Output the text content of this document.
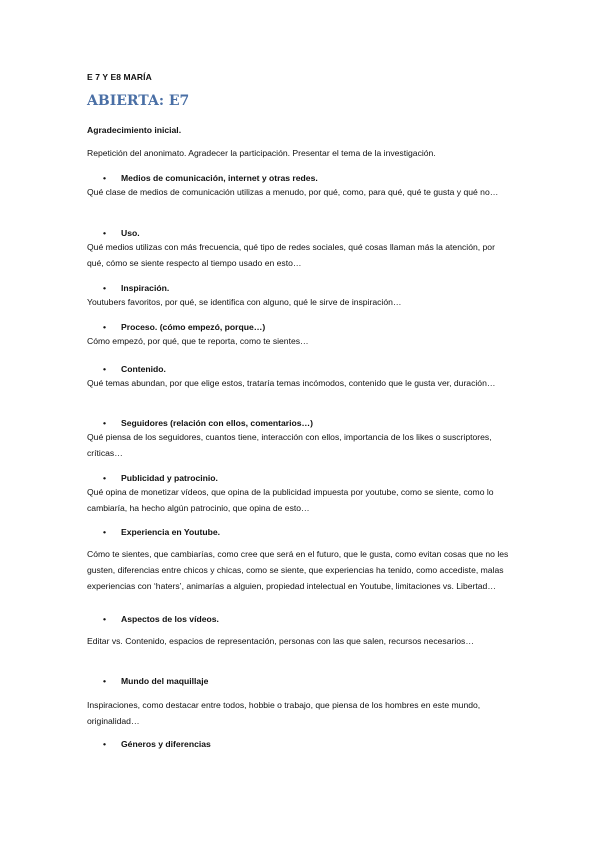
E 7 Y E8 MARÍA
ABIERTA: E7
Agradecimiento inicial.
Repetición del anonimato. Agradecer la participación. Presentar el tema de la investigación.
• Medios de comunicación, internet y otras redes.
Qué clase de medios de comunicación utilizas a menudo, por qué, como, para qué, qué te gusta y qué no…
• Uso.
Qué medios utilizas con más frecuencia, qué tipo de redes sociales, qué cosas llaman más la atención, por qué, cómo se siente respecto al tiempo usado en esto…
• Inspiración.
Youtubers favoritos, por qué, se identifica con alguno, qué le sirve de inspiración…
• Proceso. (cómo empezó, porque…)
Cómo empezó, por qué, que te reporta, como te sientes…
• Contenido.
Qué temas abundan, por que elige estos, trataría temas incómodos, contenido que le gusta ver, duración…
• Seguidores (relación con ellos, comentarios…)
Qué piensa de los seguidores, cuantos tiene, interacción con ellos, importancia de los likes o suscriptores, críticas…
• Publicidad y patrocinio.
Qué opina de monetizar vídeos, que opina de la publicidad impuesta por youtube, como se siente, como lo cambiaría, ha hecho algún patrocinio, que opina de esto…
• Experiencia en Youtube.
Cómo te sientes, que cambiarías, como cree que será en el futuro, que le gusta, como evitan cosas que no les gusten, diferencias entre chicos y chicas, como se siente, que experiencias ha tenido, como accediste, malas experiencias con ‘haters’, animarías a alguien, propiedad intelectual en Youtube, limitaciones vs. Libertad…
• Aspectos de los vídeos.
Editar vs. Contenido, espacios de representación, personas con las que salen, recursos necesarios…
• Mundo del maquillaje
Inspiraciones, como destacar entre todos, hobbie o trabajo, que piensa de los hombres en este mundo, originalidad…
• Géneros y diferencias
